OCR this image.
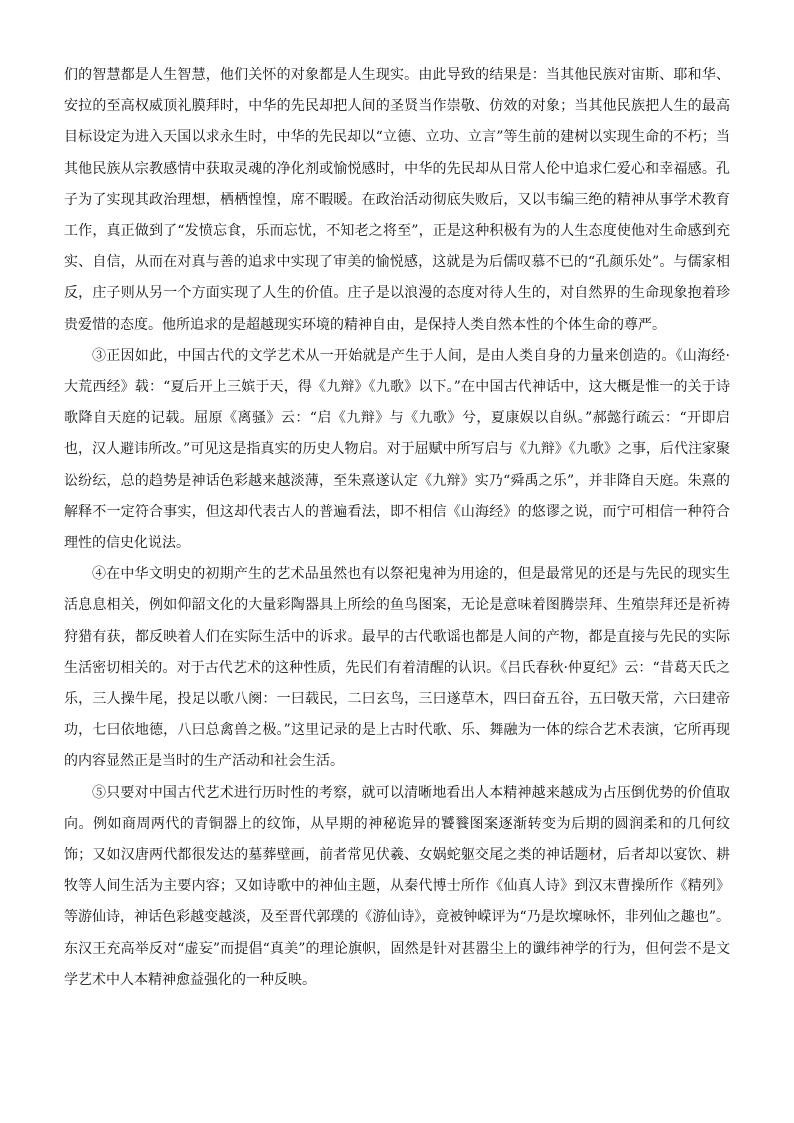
们的智慧都是人生智慧，他们关怀的对象都是人生现实。由此导致的结果是：当其他民族对宙斯、耶和华、安拉的至高权威顶礼膜拜时，中华的先民却把人间的圣贤当作崇敬、仿效的对象；当其他民族把人生的最高目标设定为进入天国以求永生时，中华的先民却以“立德、立功、立言”等生前的建树以实现生命的不朽；当其他民族从宗教感情中获取灵魂的净化剂或愉悦感时，中华的先民却从日常人伦中追求仁爱心和幸福感。孔子为了实现其政治理想，栖栖惶惶，席不暇暖。在政治活动彻底失败后，又以韦编三绝的精神从事学术教育工作，真正做到了“发愤忘食，乐而忘忧，不知老之将至”，正是这种积极有为的人生态度使他对生命感到充实、自信，从而在对真与善的追求中实现了审美的愉悦感，这就是为后儒叹慕不已的“孔颜乐处”。与儒家相反，庄子则从另一个方面实现了人生的价值。庄子是以浪漫的态度对待人生的，对自然界的生命现象抱着珍贵爱惜的态度。他所追求的是超越现实环境的精神自由，是保持人类自然本性的个体生命的尊严。

③正因如此，中国古代的文学艺术从一开始就是产生于人间，是由人类自身的力量来创造的。《山海经·大荒西经》载：“夏后开上三嫔于天，得《九辩》《九歌》以下。”在中国古代神话中，这大概是惟一的关于诗歌降自天庭的记载。屈原《离骚》云：“启《九辩》与《九歌》兮，夏康娱以自纵。”郝懿行疏云：“开即启也，汉人避讳所改。”可见这是指真实的历史人物启。对于屈赋中所写启与《九辩》《九歌》之事，后代注家聚讼纷纭，总的趋势是神话色彩越来越淡薄，至朱熹遂认定《九辩》实乃“舜禹之乐”，并非降自天庭。朱熹的解释不一定符合事实，但这却代表古人的普遍看法，即不相信《山海经》的悠谬之说，而宁可相信一种符合理性的信史化说法。

④在中华文明史的初期产生的艺术品虽然也有以祭祀鬼神为用途的，但是最常见的还是与先民的现实生活息息相关，例如仰韶文化的大量彩陶器具上所绘的鱼鸟图案，无论是意味着图腾崇拜、生殖崇拜还是祈祷狩猎有获，都反映着人们在实际生活中的诉求。最早的古代歌谣也都是人间的产物，都是直接与先民的实际生活密切相关的。对于古代艺术的这种性质，先民们有着清醒的认识。《吕氏春秋·仲夏纪》云：“昔葛天氏之乐，三人操牛尾，投足以歌八阕：一曰载民，二曰玄鸟，三曰遂草木，四曰奋五谷，五曰敬天常，六曰建帝功，七曰依地德，八曰总禽兽之极。”这里记录的是上古时代歌、乐、舞融为一体的综合艺术表演，它所再现的内容显然正是当时的生产活动和社会生活。

⑤只要对中国古代艺术进行历时性的考察，就可以清晰地看出人本精神越来越成为占压倒优势的价值取向。例如商周两代的青铜器上的纹饰，从早期的神秘诡异的饕餮图案逐渐转变为后期的圆润柔和的几何纹饰；又如汉唐两代都很发达的墓葬壁画，前者常见伏羲、女娲蛇躯交尾之类的神话题材，后者却以宴饮、耕牧等人间生活为主要内容；又如诗歌中的神仙主题，从秦代博士所作《仙真人诗》到汉末曹操所作《精列》等游仙诗，神话色彩越变越淡，及至晋代郭璞的《游仙诗》，竟被钟嵘评为“乃是坎壈咏怀，非列仙之趣也”。东汉王充高举反对“虚妄”而提倡“真美”的理论旗帜，固然是针对甚嚣尘上的谶纬神学的行为，但何尝不是文学艺术中人本精神愈益强化的一种反映。
